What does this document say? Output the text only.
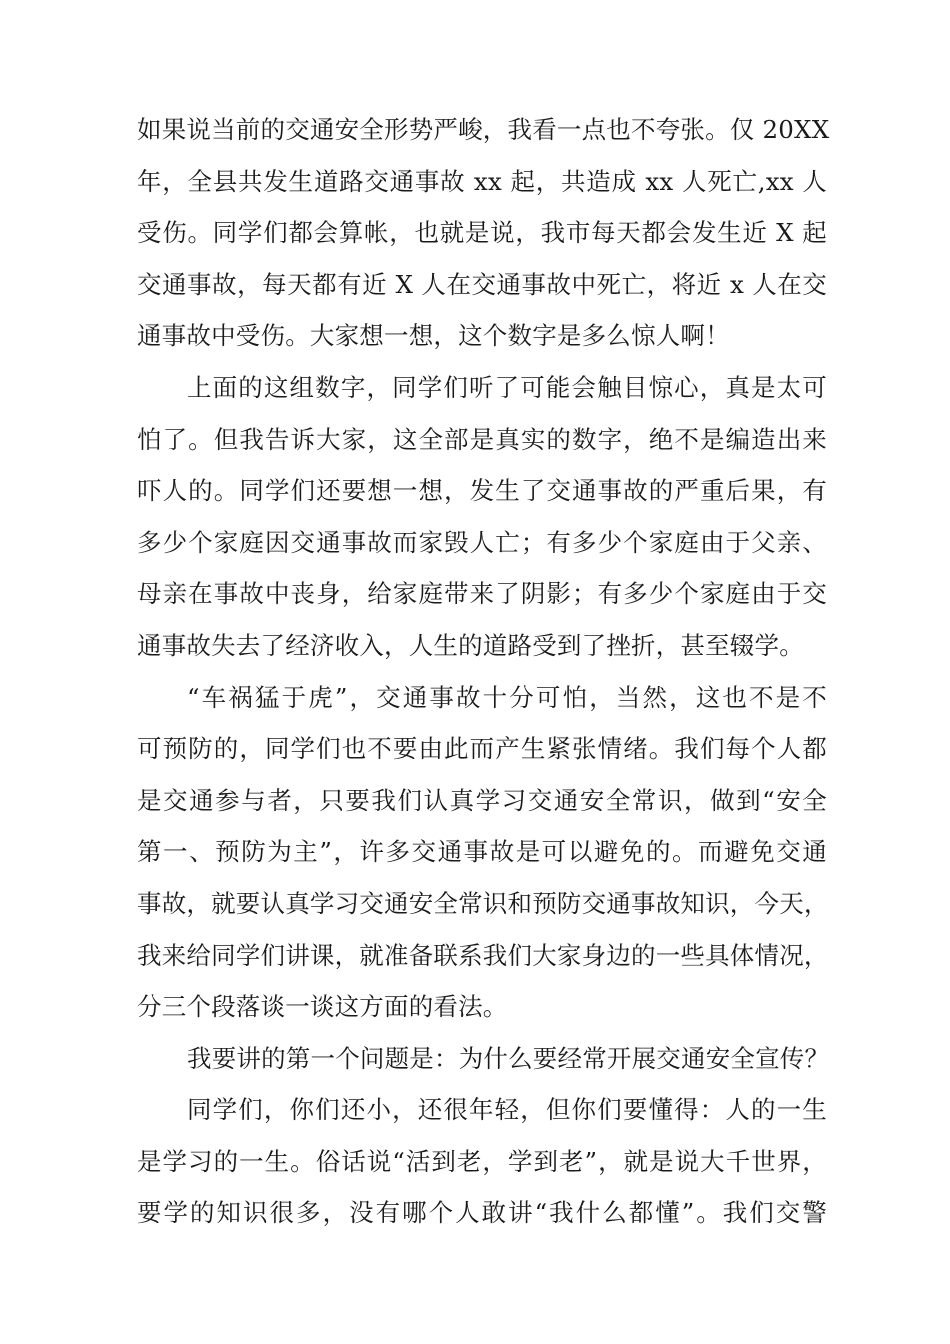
如果说当前的交通安全形势严峻，我看一点也不夸张。仅 20XX
年，全县共发生道路交通事故 xx 起，共造成 xx 人死亡,xx 人
受伤。同学们都会算帐，也就是说，我市每天都会发生近 X 起
交通事故，每天都有近 X 人在交通事故中死亡，将近 x 人在交
通事故中受伤。大家想一想，这个数字是多么惊人啊！
上面的这组数字，同学们听了可能会触目惊心，真是太可
怕了。但我告诉大家，这全部是真实的数字，绝不是编造出来
吓人的。同学们还要想一想，发生了交通事故的严重后果，有
多少个家庭因交通事故而家毁人亡；有多少个家庭由于父亲、
母亲在事故中丧身，给家庭带来了阴影；有多少个家庭由于交
通事故失去了经济收入，人生的道路受到了挫折，甚至辍学。
“车祸猛于虎”，交通事故十分可怕，当然，这也不是不
可预防的，同学们也不要由此而产生紧张情绪。我们每个人都
是交通参与者，只要我们认真学习交通安全常识，做到“安全
第一、预防为主”，许多交通事故是可以避免的。而避免交通
事故，就要认真学习交通安全常识和预防交通事故知识，今天，
我来给同学们讲课，就准备联系我们大家身边的一些具体情况，
分三个段落谈一谈这方面的看法。
我要讲的第一个问题是：为什么要经常开展交通安全宣传？
同学们，你们还小，还很年轻，但你们要懂得：人的一生
是学习的一生。俗话说“活到老，学到老”，就是说大千世界，
要学的知识很多，没有哪个人敢讲“我什么都懂”。我们交警
